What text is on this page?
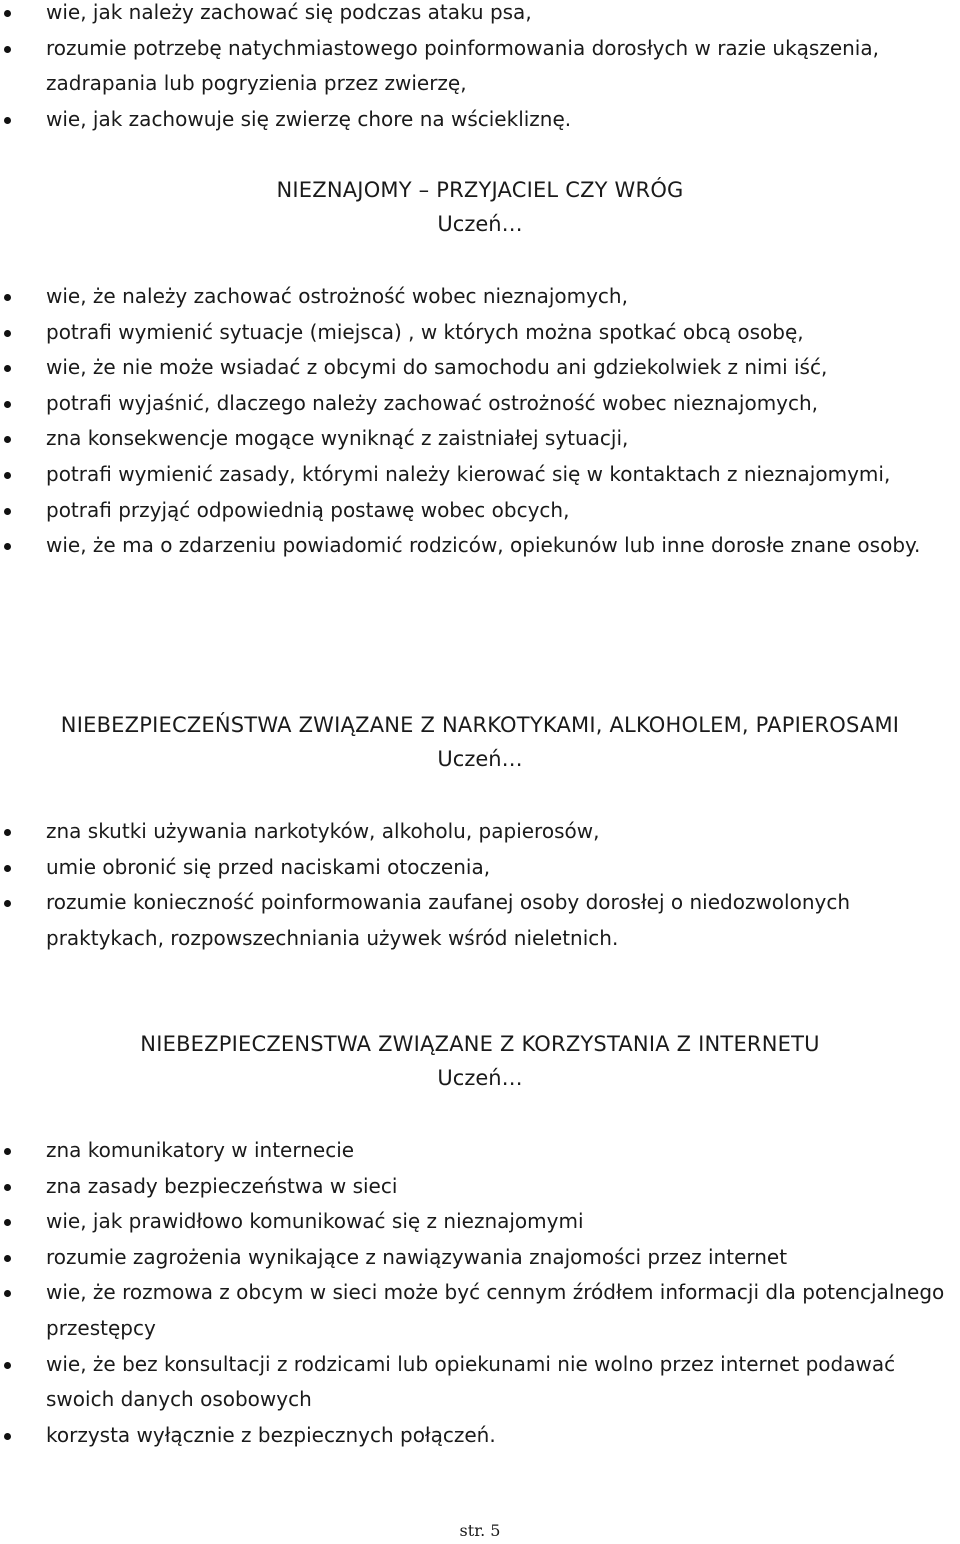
wie, jak należy zachować się podczas ataku psa,
rozumie potrzebę natychmiastowego poinformowania dorosłych w razie ukąszenia, zadrapania lub pogryzienia przez zwierzę,
wie, jak zachowuje się zwierzę chore na wściekliznę.
NIEZNAJOMY – PRZYJACIEL CZY WRÓG
Uczeń…
wie, że należy zachować ostrożność wobec nieznajomych,
potrafi wymienić sytuacje (miejsca) , w których można spotkać obcą osobę,
wie, że nie może wsiadać z obcymi do samochodu ani gdziekolwiek z nimi iść,
potrafi wyjaśnić, dlaczego należy zachować ostrożność wobec nieznajomych,
zna konsekwencje mogące wyniknąć z zaistniałej sytuacji,
potrafi wymienić zasady, którymi należy kierować się w kontaktach z nieznajomymi,
potrafi przyjąć odpowiednią postawę wobec obcych,
wie, że ma o zdarzeniu powiadomić rodziców, opiekunów lub inne dorosłe znane osoby.
NIEBEZPIECZEŃSTWA ZWIĄZANE Z NARKOTYKAMI, ALKOHOLEM, PAPIEROSAMI
Uczeń…
zna skutki używania narkotyków, alkoholu, papierosów,
umie obronić się przed naciskami otoczenia,
rozumie konieczność poinformowania zaufanej osoby dorosłej o niedozwolonych praktykach, rozpowszechniania używek wśród nieletnich.
NIEBEZPIECZENSTWA ZWIĄZANE Z KORZYSTANIA Z INTERNETU
Uczeń…
zna komunikatory w internecie
zna zasady bezpieczeństwa w sieci
wie, jak prawidłowo komunikować się z nieznajomymi
rozumie zagrożenia wynikające z nawiązywania znajomości przez internet
wie, że rozmowa z obcym w sieci może być cennym źródłem informacji dla potencjalnego przestępcy
wie, że bez konsultacji z rodzicami lub opiekunami nie wolno przez internet podawać swoich danych osobowych
korzysta wyłącznie z bezpiecznych połączeń.
str. 5
